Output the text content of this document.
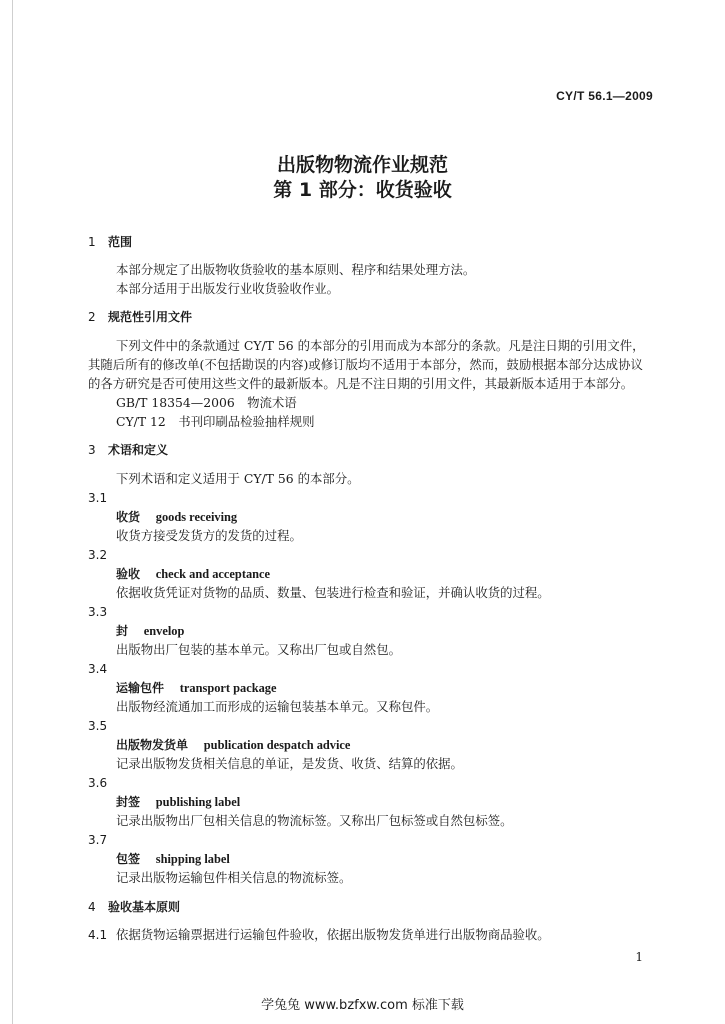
CY/T 56.1—2009
出版物物流作业规范
第 1 部分：收货验收
1 范围
本部分规定了出版物收货验收的基本原则、程序和结果处理方法。
本部分适用于出版发行业收货验收作业。
2 规范性引用文件
下列文件中的条款通过 CY/T 56 的本部分的引用而成为本部分的条款。凡是注日期的引用文件，
其随后所有的修改单(不包括勘误的内容)或修订版均不适用于本部分，然而，鼓励根据本部分达成协议
的各方研究是否可使用这些文件的最新版本。凡是不注日期的引用文件，其最新版本适用于本部分。
GB/T 18354—2006　物流术语
CY/T 12　书刊印刷品检验抽样规则
3 术语和定义
下列术语和定义适用于 CY/T 56 的本部分。
3.1
收货 goods receiving
收货方接受发货方的发货的过程。
3.2
验收 check and acceptance
依据收货凭证对货物的品质、数量、包装进行检查和验证，并确认收货的过程。
3.3
封 envelop
出版物出厂包装的基本单元。又称出厂包或自然包。
3.4
运输包件 transport package
出版物经流通加工而形成的运输包装基本单元。又称包件。
3.5
出版物发货单 publication despatch advice
记录出版物发货相关信息的单证，是发货、收货、结算的依据。
3.6
封签 publishing label
记录出版物出厂包相关信息的物流标签。又称出厂包标签或自然包标签。
3.7
包签 shipping label
记录出版物运输包件相关信息的物流标签。
4 验收基本原则
4.1 依据货物运输票据进行运输包件验收，依据出版物发货单进行出版物商品验收。
1
学兔兔 www.bzfxw.com 标准下载
